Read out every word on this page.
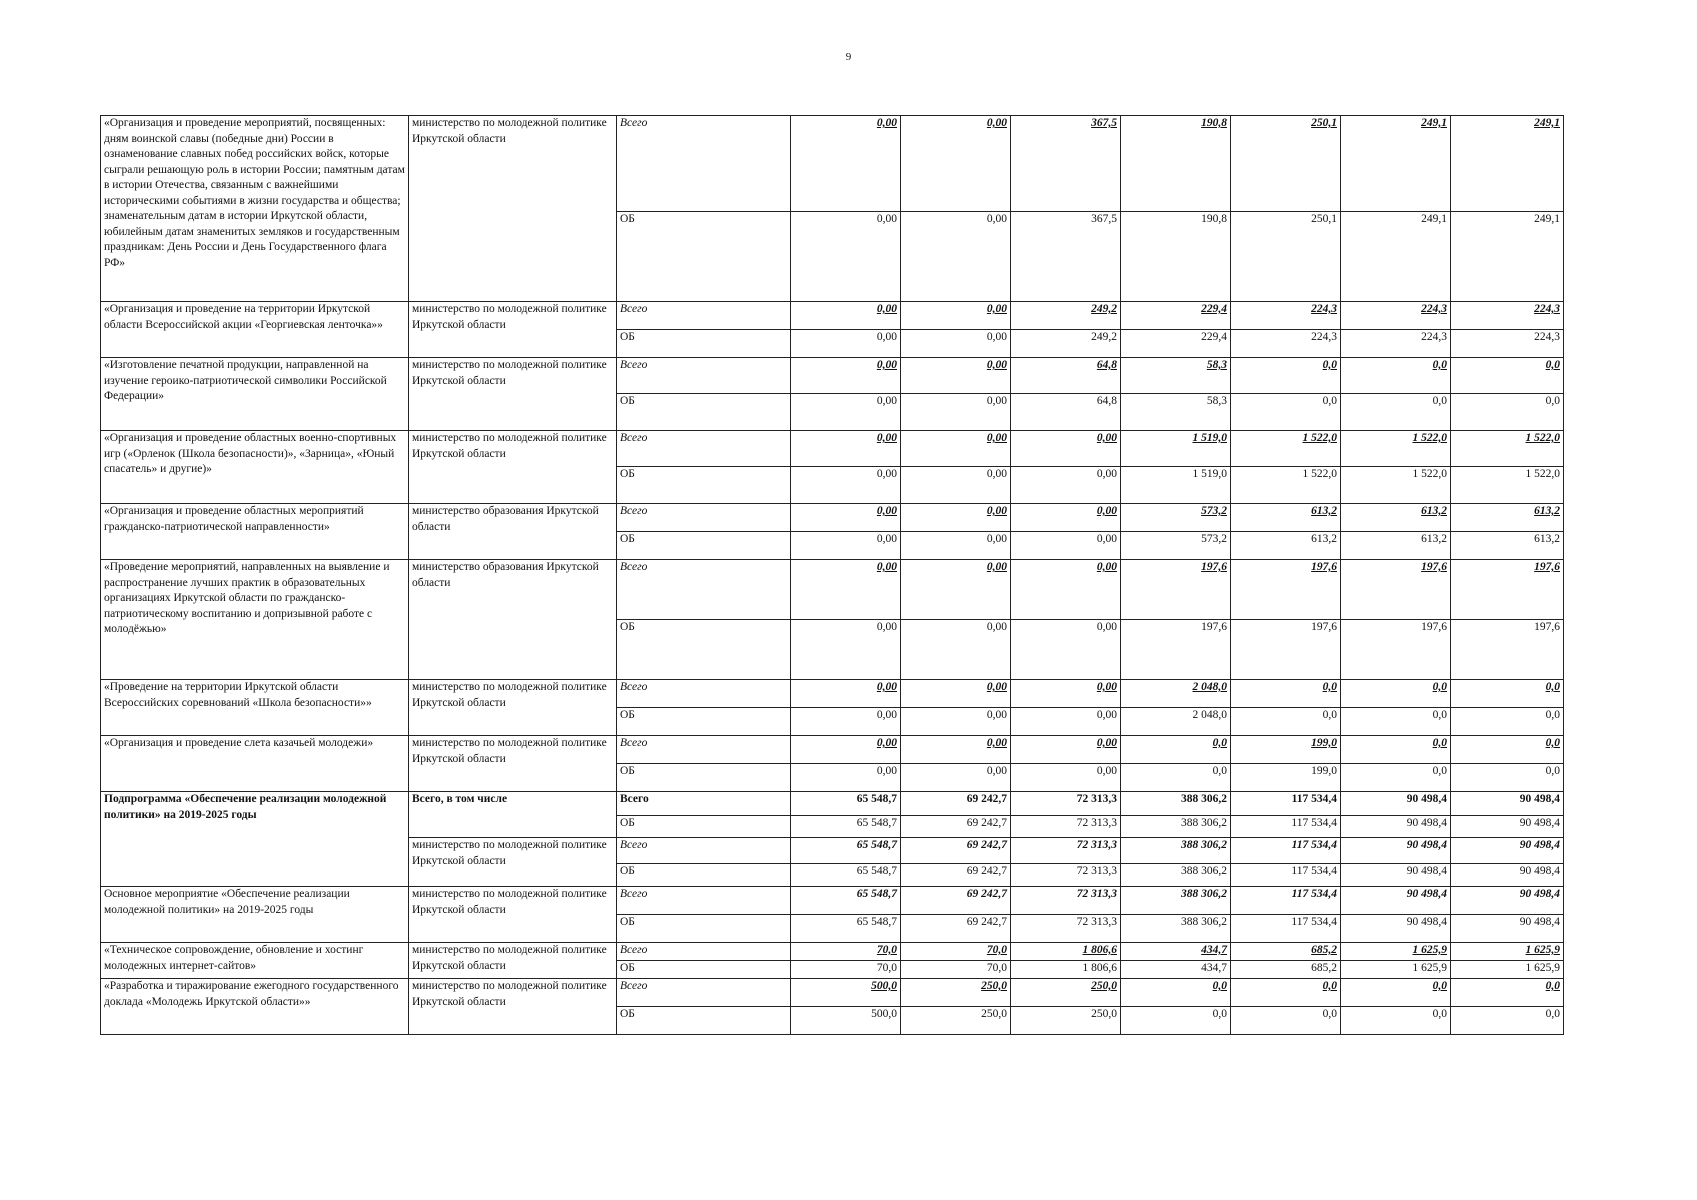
9
«Организация и проведение мероприятий, посвященных: дням воинской славы (победные дни) России в ознаменование славных побед российских войск, которые сыграли решающую роль в истории России; памятным датам в истории Отечества, связанным с важнейшими историческими событиями в жизни государства и общества; знаменательным датам в истории Иркутской области, юбилейным датам знаменитых земляков и государственным праздникам: День России и День Государственного флага РФ»	министерство по молодежной политике Иркутской области	Всего	0,00	0,00	367,5	190,8	250,1	249,1	249,1
		ОБ	0,00	0,00	367,5	190,8	250,1	249,1	249,1
«Организация и проведение на территории Иркутской области Всероссийской акции «Георгиевская ленточка»»	министерство по молодежной политике Иркутской области	Всего	0,00	0,00	249,2	229,4	224,3	224,3	224,3
		ОБ	0,00	0,00	249,2	229,4	224,3	224,3	224,3
«Изготовление печатной продукции, направленной на изучение героико-патриотической символики Российской Федерации»	министерство по молодежной политике Иркутской области	Всего	0,00	0,00	64,8	58,3	0,0	0,0	0,0
		ОБ	0,00	0,00	64,8	58,3	0,0	0,0	0,0
«Организация и проведение областных военно-спортивных игр («Орленок (Школа безопасности)», «Зарница», «Юный спасатель» и другие)»	министерство по молодежной политике Иркутской области	Всего	0,00	0,00	0,00	1 519,0	1 522,0	1 522,0	1 522,0
		ОБ	0,00	0,00	0,00	1 519,0	1 522,0	1 522,0	1 522,0
«Организация и проведение областных мероприятий гражданско-патриотической направленности»	министерство образования Иркутской области	Всего	0,00	0,00	0,00	573,2	613,2	613,2	613,2
		ОБ	0,00	0,00	0,00	573,2	613,2	613,2	613,2
«Проведение мероприятий, направленных на выявление и распространение лучших практик в образовательных организациях Иркутской области по гражданско-патриотическому воспитанию и допризывной работе с молодёжью»	министерство образования Иркутской области	Всего	0,00	0,00	0,00	197,6	197,6	197,6	197,6
		ОБ	0,00	0,00	0,00	197,6	197,6	197,6	197,6
«Проведение на территории Иркутской области Всероссийских соревнований «Школа безопасности»»	министерство по молодежной политике Иркутской области	Всего	0,00	0,00	0,00	2 048,0	0,0	0,0	0,0
		ОБ	0,00	0,00	0,00	2 048,0	0,0	0,0	0,0
«Организация и проведение слета казачьей молодежи»	министерство по молодежной политике Иркутской области	Всего	0,00	0,00	0,00	0,0	199,0	0,0	0,0
		ОБ	0,00	0,00	0,00	0,0	199,0	0,0	0,0
Подпрограмма «Обеспечение реализации молодежной политики» на 2019-2025 годы	Всего, в том числе	Всего	65 548,7	69 242,7	72 313,3	388 306,2	117 534,4	90 498,4	90 498,4
		ОБ	65 548,7	69 242,7	72 313,3	388 306,2	117 534,4	90 498,4	90 498,4
	министерство по молодежной политике Иркутской области	Всего	65 548,7	69 242,7	72 313,3	388 306,2	117 534,4	90 498,4	90 498,4
		ОБ	65 548,7	69 242,7	72 313,3	388 306,2	117 534,4	90 498,4	90 498,4
Основное мероприятие «Обеспечение реализации молодежной политики» на 2019-2025 годы	министерство по молодежной политике Иркутской области	Всего	65 548,7	69 242,7	72 313,3	388 306,2	117 534,4	90 498,4	90 498,4
		ОБ	65 548,7	69 242,7	72 313,3	388 306,2	117 534,4	90 498,4	90 498,4
«Техническое сопровождение, обновление и хостинг молодежных интернет-сайтов»	министерство по молодежной политике Иркутской области	Всего	70,0	70,0	1 806,6	434,7	685,2	1 625,9	1 625,9
		ОБ	70,0	70,0	1 806,6	434,7	685,2	1 625,9	1 625,9
«Разработка и тиражирование ежегодного государственного доклада «Молодежь Иркутской области»»	министерство по молодежной политике Иркутской области	Всего	500,0	250,0	250,0	0,0	0,0	0,0	0,0
		ОБ	500,0	250,0	250,0	0,0	0,0	0,0	0,0
